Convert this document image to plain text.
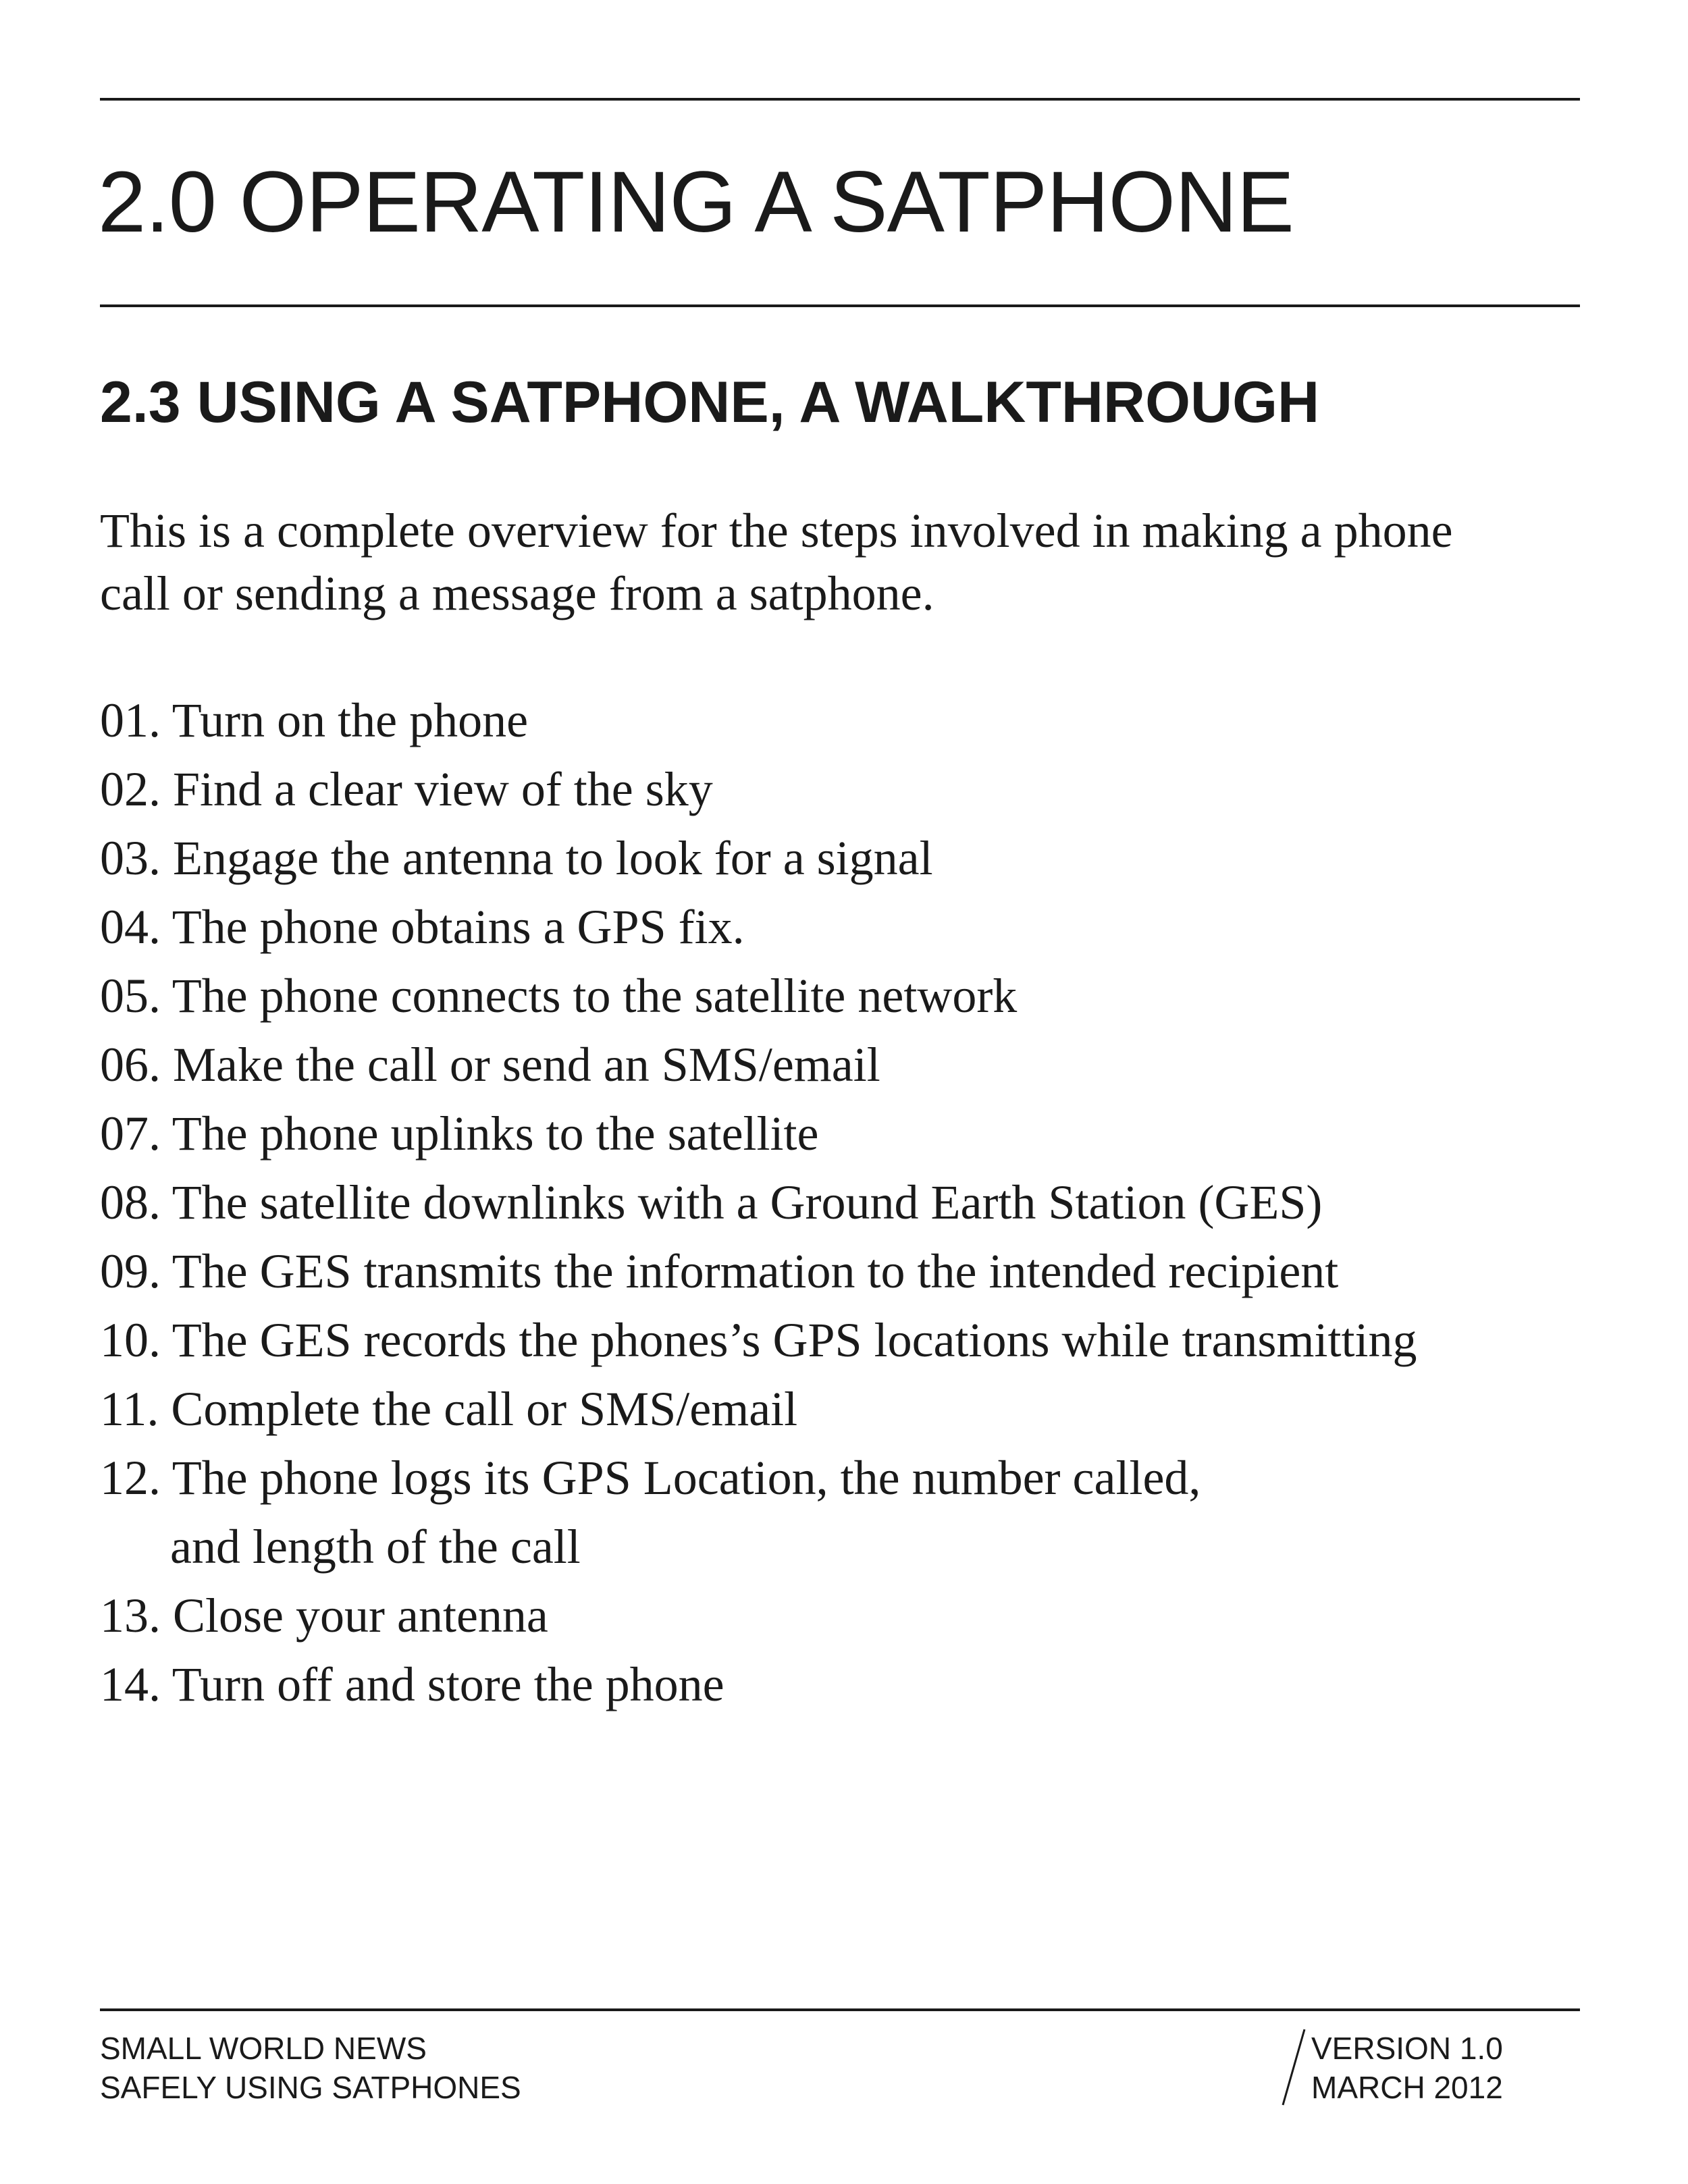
2.0 OPERATING A SATPHONE
2.3 USING A SATPHONE, A WALKTHROUGH

This is a complete overview for the steps involved in making a phone
call or sending a message from a satphone.

01. Turn on the phone
02. Find a clear view of the sky
03. Engage the antenna to look for a signal
04. The phone obtains a GPS fix.
05. The phone connects to the satellite network
06. Make the call or send an SMS/email
07. The phone uplinks to the satellite
08. The satellite downlinks with a Ground Earth Station (GES)
09. The GES transmits the information to the intended recipient
10. The GES records the phones’s GPS locations while transmitting
11. Complete the call or SMS/email
12. The phone logs its GPS Location, the number called,
and length of the call
13. Close your antenna
14. Turn off and store the phone
SMALL WORLD NEWS
SAFELY USING SATPHONES
VERSION 1.0
MARCH 2012
